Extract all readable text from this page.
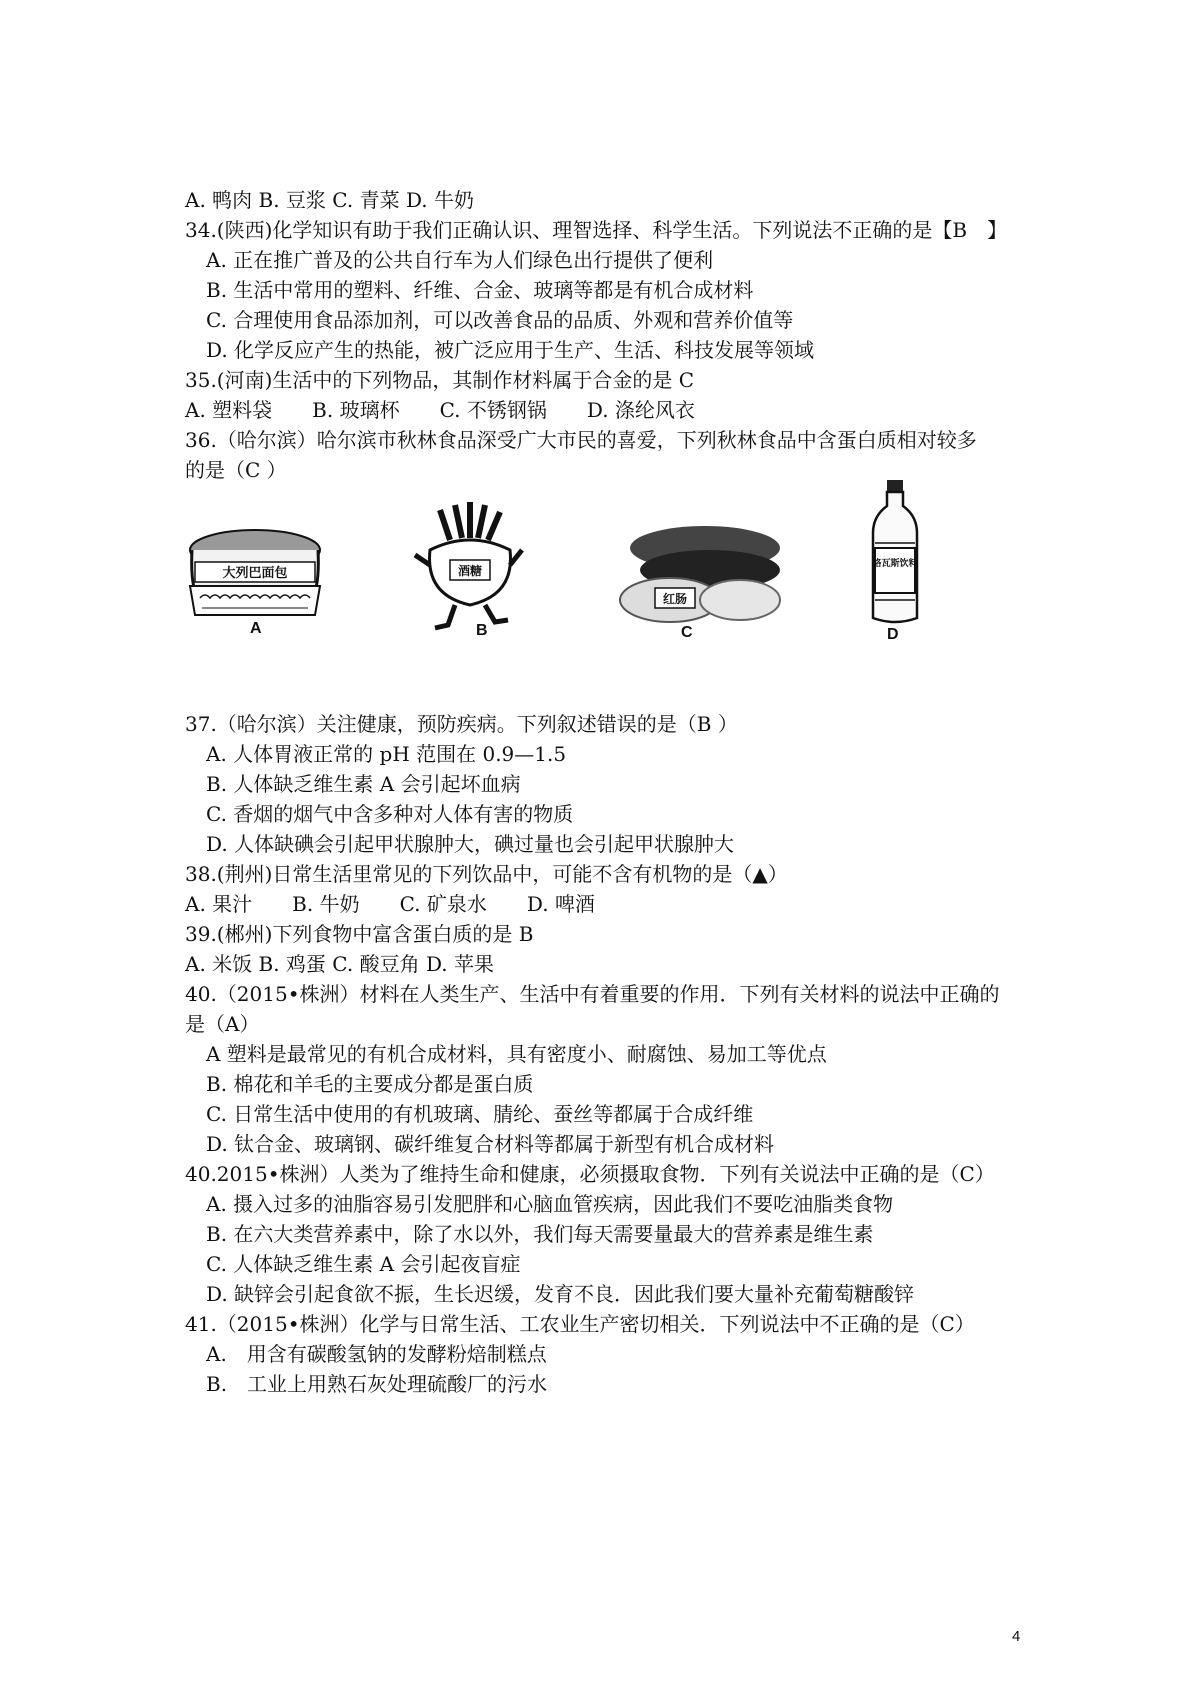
A. 鸭肉 B. 豆浆 C. 青菜 D. 牛奶
34.(陕西)化学知识有助于我们正确认识、理智选择、科学生活。下列说法不正确的是【B　】
A. 正在推广普及的公共自行车为人们绿色出行提供了便利
B. 生活中常用的塑料、纤维、合金、玻璃等都是有机合成材料
C. 合理使用食品添加剂，可以改善食品的品质、外观和营养价值等
D. 化学反应产生的热能，被广泛应用于生产、生活、科技发展等领域
35.(河南)生活中的下列物品，其制作材料属于合金的是 C
A. 塑料袋　　B. 玻璃杯　　C. 不锈钢锅　　D. 涤纶风衣
36.（哈尔滨）哈尔滨市秋林食品深受广大市民的喜爱，下列秋林食品中含蛋白质相对较多
的是（C ）
大列巴面包
A
酒糖
B
红肠
C
格瓦斯饮料
D
37.（哈尔滨）关注健康，预防疾病。下列叙述错误的是（B ）
A. 人体胃液正常的 pH 范围在 0.9—1.5
B. 人体缺乏维生素 A 会引起坏血病
C. 香烟的烟气中含多种对人体有害的物质
D. 人体缺碘会引起甲状腺肿大，碘过量也会引起甲状腺肿大
38.(荆州)日常生活里常见的下列饮品中，可能不含有机物的是（▲）
A. 果汁　　B. 牛奶　　C. 矿泉水　　D. 啤酒
39.(郴州)下列食物中富含蛋白质的是 B
A. 米饭 B. 鸡蛋 C. 酸豆角 D. 苹果
40.（2015•株洲）材料在人类生产、生活中有着重要的作用．下列有关材料的说法中正确的
是（A）
A 塑料是最常见的有机合成材料，具有密度小、耐腐蚀、易加工等优点
B. 棉花和羊毛的主要成分都是蛋白质
C. 日常生活中使用的有机玻璃、腈纶、蚕丝等都属于合成纤维
D. 钛合金、玻璃钢、碳纤维复合材料等都属于新型有机合成材料
40.2015•株洲）人类为了维持生命和健康，必须摄取食物．下列有关说法中正确的是（C）
A. 摄入过多的油脂容易引发肥胖和心脑血管疾病，因此我们不要吃油脂类食物
B. 在六大类营养素中，除了水以外，我们每天需要量最大的营养素是维生素
C. 人体缺乏维生素 A 会引起夜盲症
D. 缺锌会引起食欲不振，生长迟缓，发育不良．因此我们要大量补充葡萄糖酸锌
41.（2015•株洲）化学与日常生活、工农业生产密切相关．下列说法中不正确的是（C）
A.　用含有碳酸氢钠的发酵粉焙制糕点
B.　工业上用熟石灰处理硫酸厂的污水
4
